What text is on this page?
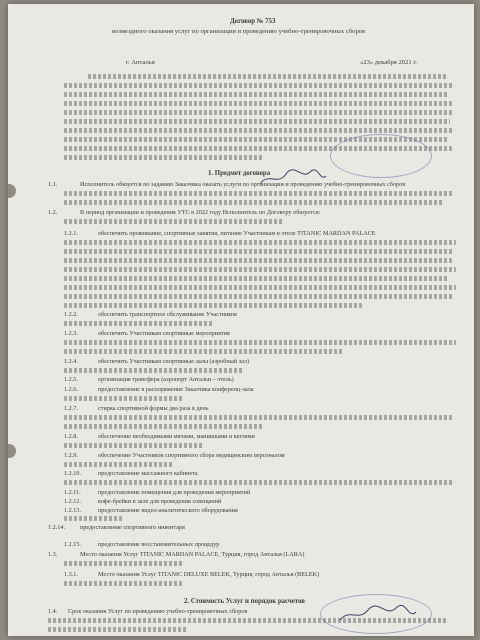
Договор № 753
возмездного оказания услуг по организации и проведению учебно-тренировочных сборов
г. Анталья	«23» декабря 2021 г.
1. Предмет договора
1.1.	Исполнитель обязуется по заданию Заказчика оказать услуги по организации и проведению учебно-тренировочных сборов
1.2.	В период организации и проведения УТС в 2022 году Исполнитель по Договору обязуется:
1.2.1.	обеспечить проживание, спортивные занятия, питание Участникам в отеле TITANIC MARDAN PALACE
1.2.2.	обеспечить транспортное обслуживание Участников
1.2.3.	обеспечить Участникам спортивные мероприятия
1.2.4.	обеспечить Участникам спортивные залы (аэробный зал)
1.2.5.	организация трансфера (аэропорт Антальи – отель)
1.2.6.	предоставление в распоряжение Заказчика конференц-зала
1.2.7.	стирка спортивной формы два раза в день
1.2.8.	обеспечение необходимыми мячами, манишками и кеглями
1.2.9.	обеспечение Участников спортивного сбора медицинским персоналом
1.2.10.	предоставление массажного кабинета
1.2.11.	предоставление помещения для проведения мероприятий
1.2.12.	кофе-брейки в зале для проведения совещаний
1.2.13.	предоставление видео-аналитического оборудования
1.2.14. предоставление спортивного инвентаря
1.2.15.	предоставление восстановительных процедур
1.3.	Место оказания Услуг TITANIC MARDAN PALACE, Турция, город Анталья (LARA)
1.3.1.	Место оказания Услуг TITANIC DELUXE BELEK, Турция, город Анталья (BELEK)
2. Стоимость Услуг и порядок расчетов
1.4. Срок оказания Услуг по проведению учебно-тренировочных сборов
